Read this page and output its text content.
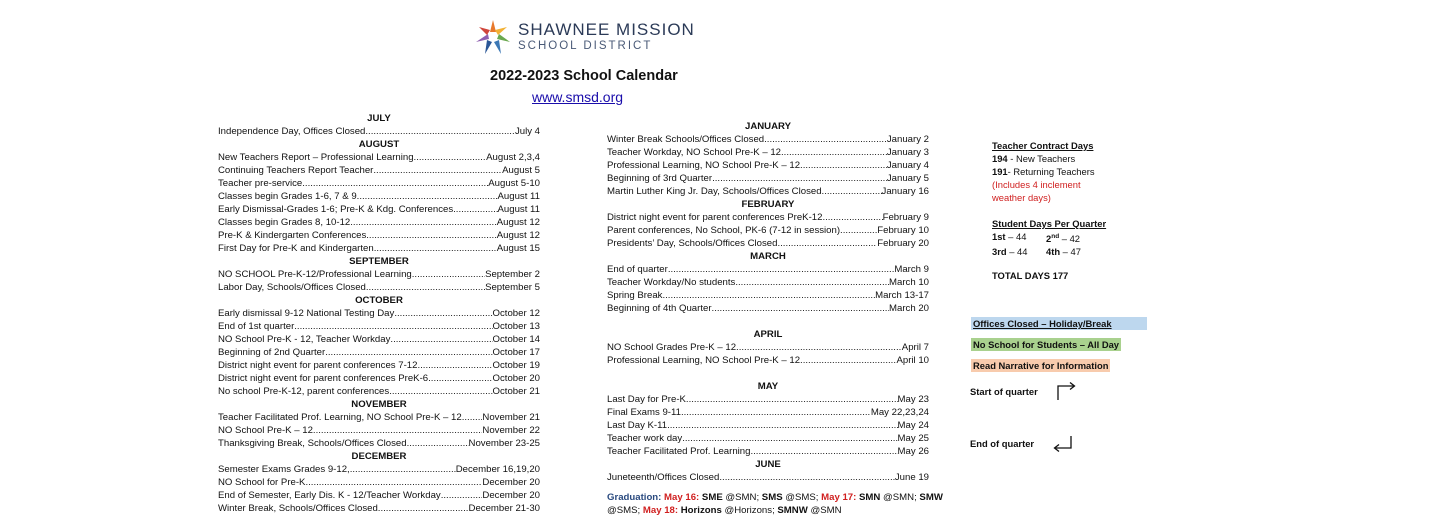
SHAWNEE MISSION
SCHOOL DISTRICT
2022-2023 School Calendar
www.smsd.org
JULY
Independence Day, Offices Closed .....	July 4
AUGUST
New Teachers Report – Professional Learning .....	August 2,3,4
Continuing Teachers Report Teacher .....	August 5
Teacher pre-service .....	August 5-10
Classes begin Grades 1-6, 7 & 9 .....	August 11
Early Dismissal-Grades 1-6; Pre-K & Kdg. Conferences .....	August 11
Classes begin Grades 8, 10-12 .....	August 12
Pre-K & Kindergarten Conferences .....	August 12
First Day for Pre-K and Kindergarten .....	August 15
SEPTEMBER
NO SCHOOL Pre-K-12/Professional Learning .....	September 2
Labor Day, Schools/Offices Closed .....	September 5
OCTOBER
Early dismissal 9-12 National Testing Day .....	October 12
End of 1st quarter .....	October 13
NO School Pre-K - 12, Teacher Workday .....	October 14
Beginning of 2nd Quarter .....	October 17
District night event for parent conferences 7-12 .....	October 19
District night event for parent conferences PreK-6 .....	October 20
No school Pre-K-12, parent conferences .....	October 21
NOVEMBER
Teacher Facilitated Prof. Learning, NO School Pre-K – 12 ..... November 21
NO School Pre-K – 12 .....	November 22
Thanksgiving Break, Schools/Offices Closed .....	November 23-25
DECEMBER
Semester Exams Grades 9-12, .....	December 16,19,20
NO School for Pre-K .....	December 20
End of Semester, Early Dis. K - 12/Teacher Workday .....	December 20
Winter Break, Schools/Offices Closed .....	December 21-30
JANUARY
Winter Break Schools/Offices Closed .....	January 2
Teacher Workday, NO School Pre-K – 12 .....	January 3
Professional Learning, NO School Pre-K – 12 .....	January 4
Beginning of 3rd Quarter .....	January 5
Martin Luther King Jr. Day, Schools/Offices Closed .....	January 16
FEBRUARY
District night event for parent conferences PreK-12 .....	February 9
Parent conferences, No School, PK-6 (7-12 in session) .....	February 10
Presidents’ Day, Schools/Offices Closed .....	February 20
MARCH
End of quarter .....	March 9
Teacher Workday/No students .....	March 10
Spring Break .....	March 13-17
Beginning of 4th Quarter .....	March 20
APRIL
NO School Grades Pre-K – 12 .....	April 7
Professional Learning, NO School Pre-K – 12 .....	April 10
MAY
Last Day for Pre-K .....	May 23
Final Exams 9-11 .....	May 22,23,24
Last Day K-11 .....	May 24
Teacher work day .....	May 25
Teacher Facilitated Prof. Learning .....	May 26
JUNE
Juneteenth/Offices Closed .....	June 19
Graduation: May 16: SME @SMN; SMS @SMS; May 17: SMN @SMN; SMW
@SMS; May 18: Horizons @Horizons; SMNW @SMN
Teacher Contract Days
194 - New Teachers
191- Returning Teachers
(Includes 4 inclement
weather days)
Student Days Per Quarter
1st – 44	2nd – 42
3rd – 44	4th – 47
TOTAL DAYS 177
Offices Closed – Holiday/Break
No School for Students – All Day
Read Narrative for Information
Start of quarter
End of quarter
